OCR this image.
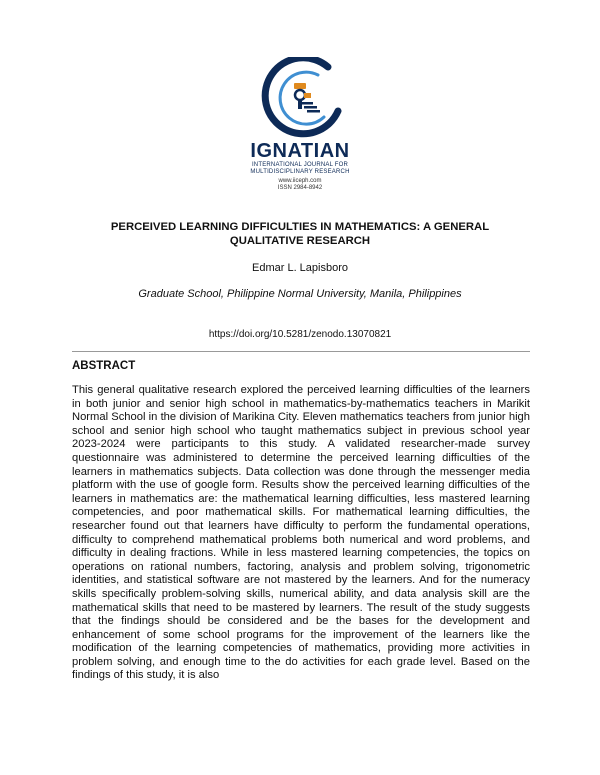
IGNATIAN
INTERNATIONAL JOURNAL FOR
MULTIDISCIPLINARY RESEARCH
www.iiceph.com
ISSN 2984-8942
PERCEIVED LEARNING DIFFICULTIES IN MATHEMATICS: A GENERAL
QUALITATIVE RESEARCH
Edmar L. Lapisboro
Graduate School, Philippine Normal University, Manila, Philippines
https://doi.org/10.5281/zenodo.13070821
ABSTRACT

This general qualitative research explored the perceived learning difficulties of the learners in both junior and senior high school in mathematics-by-mathematics teachers in Marikit Normal School in the division of Marikina City. Eleven mathematics teachers from junior high school and senior high school who taught mathematics subject in previous school year 2023-2024 were participants to this study. A validated researcher-made survey questionnaire was administered to determine the perceived learning difficulties of the learners in mathematics subjects. Data collection was done through the messenger media platform with the use of google form. Results show the perceived learning difficulties of the learners in mathematics are: the mathematical learning difficulties, less mastered learning competencies, and poor mathematical skills. For mathematical learning difficulties, the researcher found out that learners have difficulty to perform the fundamental operations, difficulty to comprehend mathematical problems both numerical and word problems, and difficulty in dealing fractions. While in less mastered learning competencies, the topics on operations on rational numbers, factoring, analysis and problem solving, trigonometric identities, and statistical software are not mastered by the learners. And for the numeracy skills specifically problem-solving skills, numerical ability, and data analysis skill are the mathematical skills that need to be mastered by learners. The result of the study suggests that the findings should be considered and be the bases for the development and enhancement of some school programs for the improvement of the learners like the modification of the learning competencies of mathematics, providing more activities in problem solving, and enough time to the do activities for each grade level. Based on the findings of this study, it is also
